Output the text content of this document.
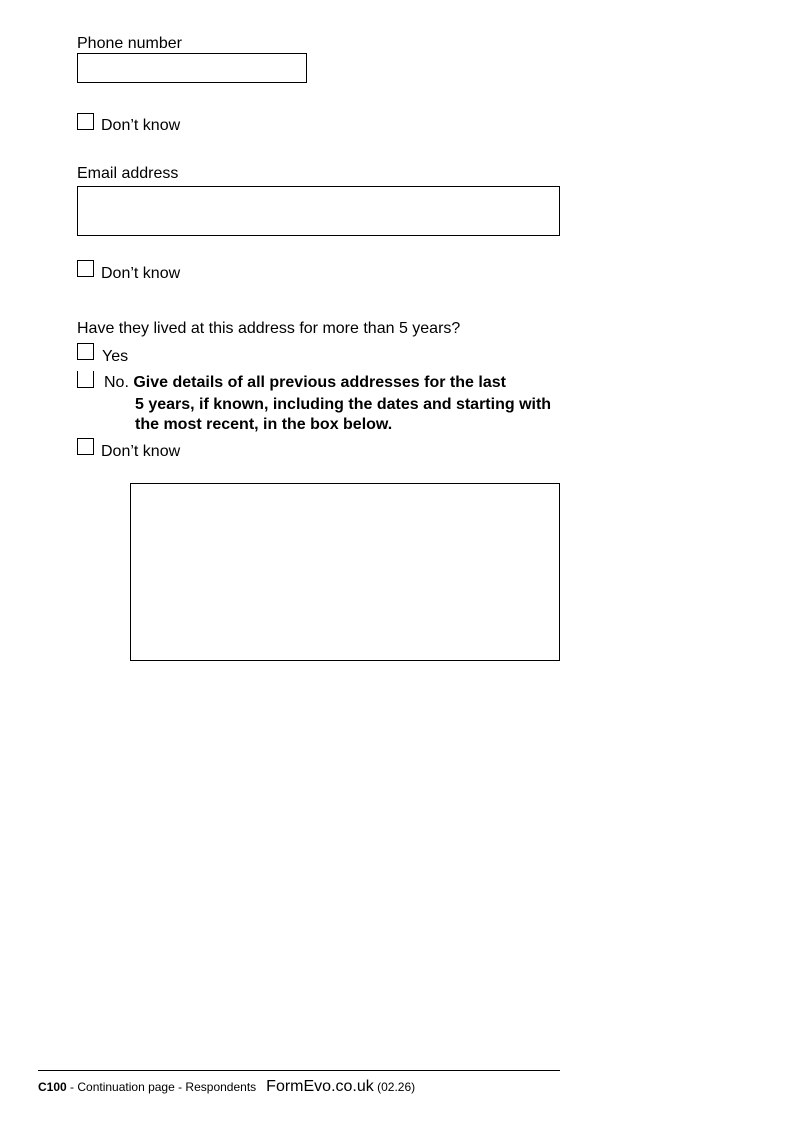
Phone number
Don’t know
Email address
Don’t know
Have they lived at this address for more than 5 years?
Yes
No. Give details of all previous addresses for the last
5 years, if known, including the dates and starting with
the most recent, in the box below.
Don’t know
C100 - Continuation page - Respondents FormEvo.co.uk (02.26)
